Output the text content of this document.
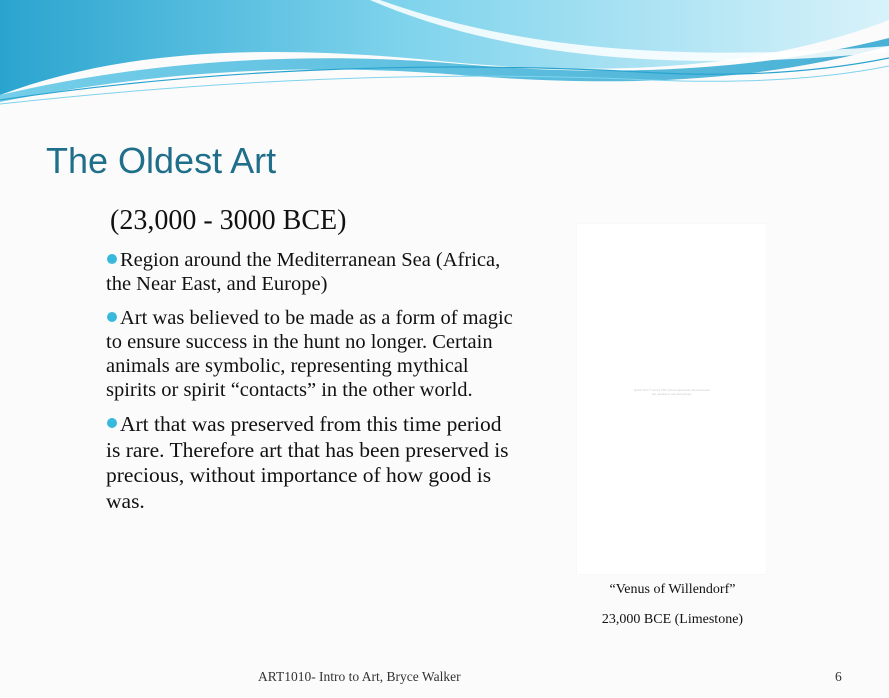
The Oldest Art
(23,000 - 3000 BCE)
Region around the Mediterranean Sea (Africa, the Near East, and Europe)
Art was believed to be made as a form of magic to ensure success in the hunt no longer. Certain animals are symbolic, representing mythical spirits or spirit “contacts” in the other world.
Art that was preserved from this time period is rare. Therefore art that has been preserved is precious, without importance of how good is was.
Quick Time™ and a TIFF (Uncompressed) decompressor are needed to see this picture.
“Venus of Willendorf”
23,000 BCE (Limestone)
ART1010- Intro to Art, Bryce Walker	6
